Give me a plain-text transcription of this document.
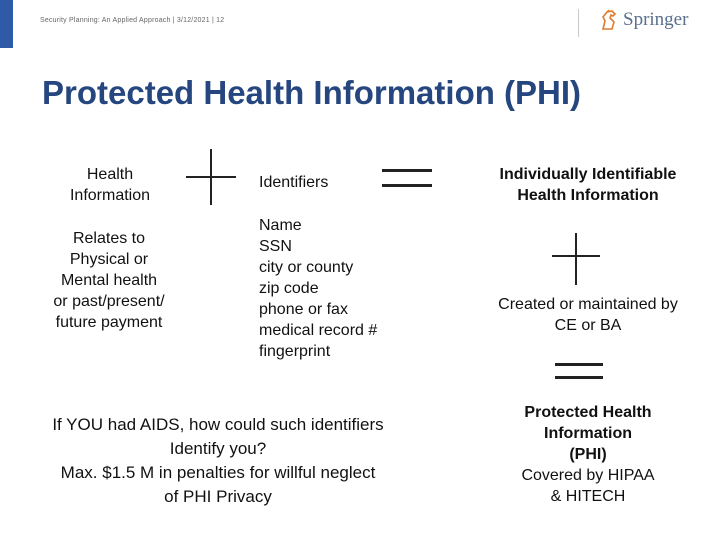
Security Planning: An Applied Approach | 3/12/2021 | 12	Springer
Protected Health Information (PHI)
Health
Information
Relates to
Physical or
Mental health
or past/present/
future payment
Identifiers
Name
SSN
city or county
zip code
phone or fax
medical record #
fingerprint
Individually Identifiable
Health Information
Created or maintained by
CE or BA
Protected Health
Information
(PHI)
Covered by HIPAA
& HITECH
If YOU had AIDS, how could such identifiers
Identify you?
Max. $1.5 M in penalties for willful neglect
of PHI Privacy
